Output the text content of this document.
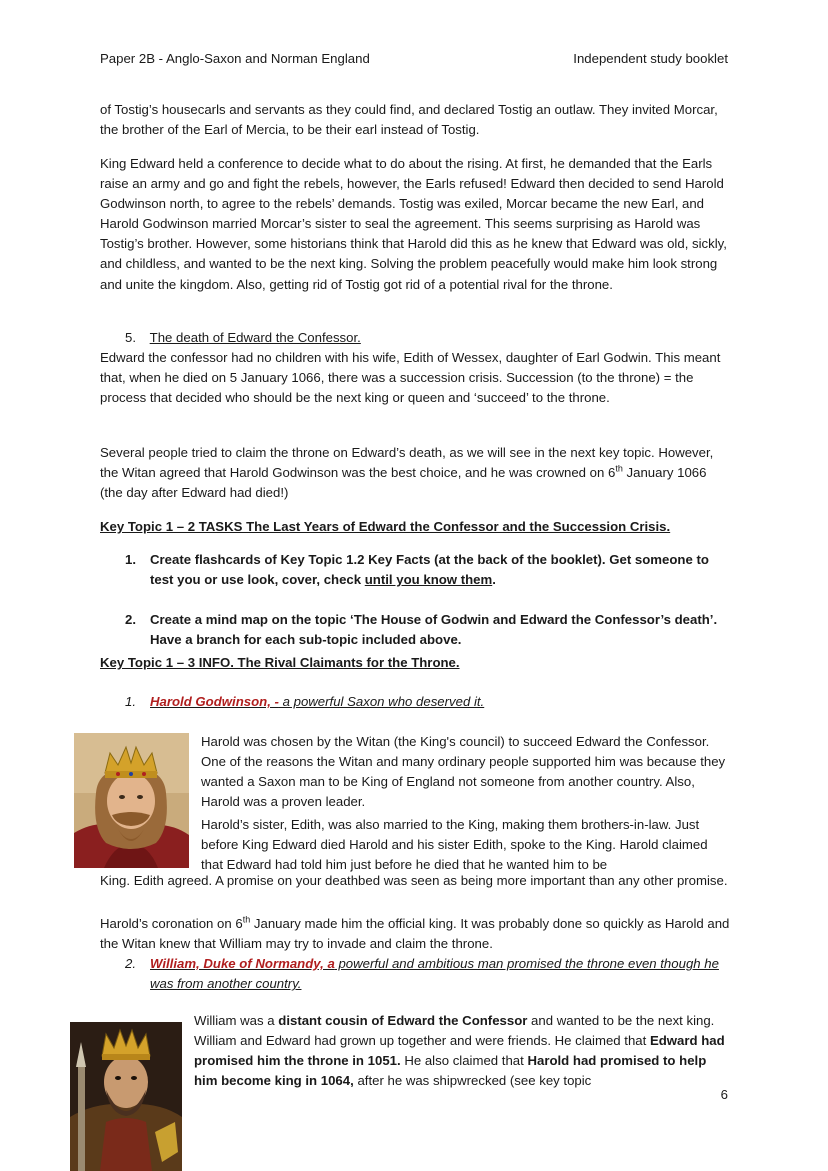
Paper 2B - Anglo-Saxon and Norman England	Independent study booklet

of Tostig’s housecarls and servants as they could find, and declared Tostig an outlaw. They invited Morcar, the brother of the Earl of Mercia, to be their earl instead of Tostig.

King Edward held a conference to decide what to do about the rising. At first, he demanded that the Earls raise an army and go and fight the rebels, however, the Earls refused! Edward then decided to send Harold Godwinson north, to agree to the rebels’ demands. Tostig was exiled, Morcar became the new Earl, and Harold Godwinson married Morcar’s sister to seal the agreement. This seems surprising as Harold was Tostig’s brother. However, some historians think that Harold did this as he knew that Edward was old, sickly, and childless, and wanted to be the next king. Solving the problem peacefully would make him look strong and unite the kingdom. Also, getting rid of Tostig got rid of a potential rival for the throne.

5. The death of Edward the Confessor.

Edward the confessor had no children with his wife, Edith of Wessex, daughter of Earl Godwin. This meant that, when he died on 5 January 1066, there was a succession crisis. Succession (to the throne) = the process that decided who should be the next king or queen and ‘succeed’ to the throne.

Several people tried to claim the throne on Edward’s death, as we will see in the next key topic. However, the Witan agreed that Harold Godwinson was the best choice, and he was crowned on 6th January 1066 (the day after Edward had died!)

Key Topic 1 – 2 TASKS The Last Years of Edward the Confessor and the Succession Crisis.
1. Create flashcards of Key Topic 1.2 Key Facts (at the back of the booklet). Get someone to test you or use look, cover, check until you know them.

2. Create a mind map on the topic ‘The House of Godwin and Edward the Confessor’s death’. Have a branch for each sub-topic included above.

Key Topic 1 – 3 INFO. The Rival Claimants for the Throne.
1. Harold Godwinson, - a powerful Saxon who deserved it.

Harold was chosen by the Witan (the King's council) to succeed Edward the Confessor. One of the reasons the Witan and many ordinary people supported him was because they wanted a Saxon man to be King of England not someone from another country. Also, Harold was a proven leader.

Harold’s sister, Edith, was also married to the King, making them brothers-in-law. Just before King Edward died Harold and his sister Edith, spoke to the King. Harold claimed that Edward had told him just before he died that he wanted him to be

King. Edith agreed. A promise on your deathbed was seen as being more important than any other promise.

Harold’s coronation on 6th January made him the official king. It was probably done so quickly as Harold and the Witan knew that William may try to invade and claim the throne.

2. William, Duke of Normandy, a powerful and ambitious man promised the throne even though he was from another country.

William was a distant cousin of Edward the Confessor and wanted to be the next king. William and Edward had grown up together and were friends. He claimed that Edward had promised him the throne in 1051. He also claimed that Harold had promised to help him become king in 1064, after he was shipwrecked (see key topic

6
